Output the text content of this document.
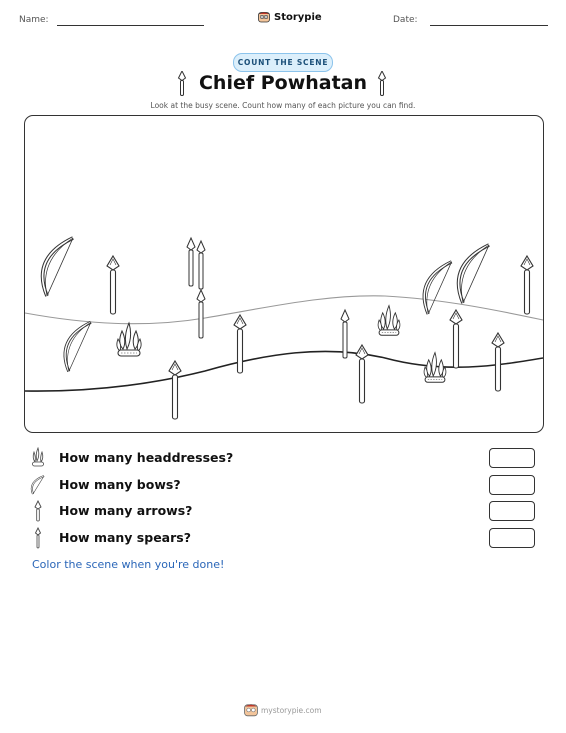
Name:	Storypie	Date:
COUNT THE SCENE
Chief Powhatan
Look at the busy scene. Count how many of each picture you can find.
How many headdresses?
How many bows?
How many arrows?
How many spears?
Color the scene when you're done!
mystorypie.com
